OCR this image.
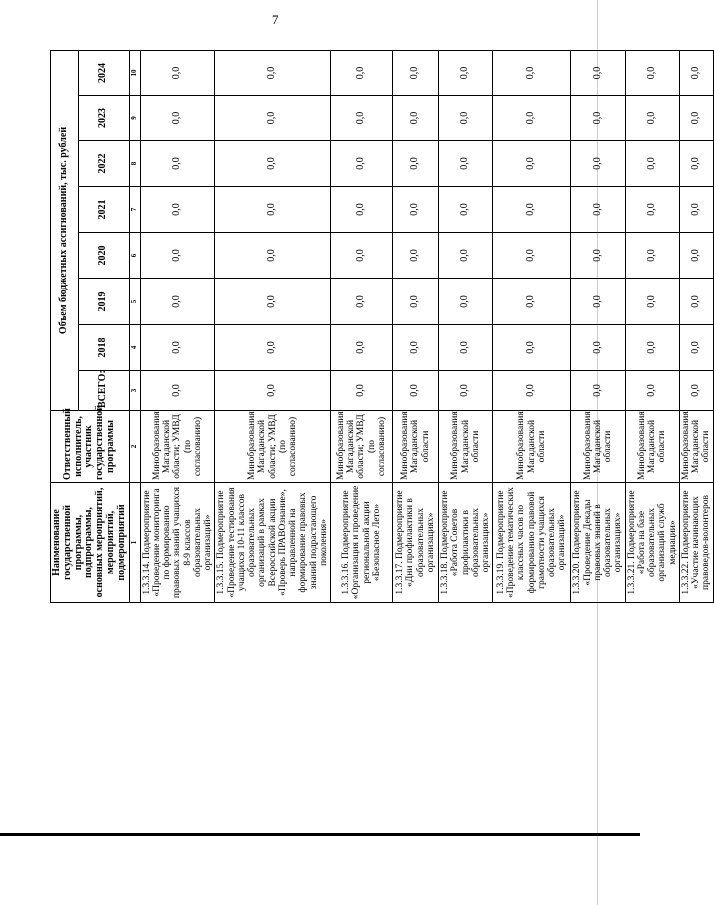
7
Наименование государственной программы, подпрограммы, основных мероприятий, мероприятий, подмероприятий	Ответственный исполнитель, участник государственной программы	Объем бюджетных ассигнований, тыс. рублей							
		ВСЕГО:	2018	2019	2020	2021	2022	2023	2024
1	2	3	4	5	6	7	8	9	10
1.3.3.14. Подмероприятие «Проведение мониторинга по формированию правовых знаний учащихся 8-9 классов образовательных организаций»	Минобразования Магаданской области; УМВД (по согласованию)	0,0	0,0	0,0	0,0	0,0	0,0	0,0	0,0
1.3.3.15. Подмероприятие «Проведение тестирования учащихся 10-11 классов образовательных организаций в рамках Всероссийской акции «Проверь ПРАВОзнание», направленной на формирование правовых знаний подрастающего поколения»	Минобразования Магаданской области; УМВД (по согласованию)	0,0	0,0	0,0	0,0	0,0	0,0	0,0	0,0
1.3.3.16. Подмероприятие «Организация и проведение региональной акции «Безопасное Лето»	Минобразования Магаданской области; УМВД (по согласованию)	0,0	0,0	0,0	0,0	0,0	0,0	0,0	0,0
1.3.3.17. Подмероприятие «Дни профилактики в образовательных организациях»	Минобразования Магаданской области	0,0	0,0	0,0	0,0	0,0	0,0	0,0	0,0
1.3.3.18. Подмероприятие «Работа Советов профилактики в образовательных организациях»	Минобразования Магаданской области	0,0	0,0	0,0	0,0	0,0	0,0	0,0	0,0
1.3.3.19. Подмероприятие «Проведение тематических классных часов по формированию правовой грамотности учащихся образовательных организаций»	Минобразования Магаданской области	0,0	0,0	0,0	0,0	0,0	0,0	0,0	0,0
1.3.3.20. Подмероприятие «Проведение Декады правовых знаний в образовательных организациях»	Минобразования Магаданской области	0,0	0,0	0,0	0,0	0,0	0,0	0,0	0,0
1.3.3.21. Подмероприятие «Работа на базе образовательных организаций служб медиации»	Минобразования Магаданской области	0,0	0,0	0,0	0,0	0,0	0,0	0,0	0,0
1.3.3.22. Подмероприятие «Участие начинающих правоведов-волонтеров	Минобразования Магаданской области	0,0	0,0	0,0	0,0	0,0	0,0	0,0	0,0
